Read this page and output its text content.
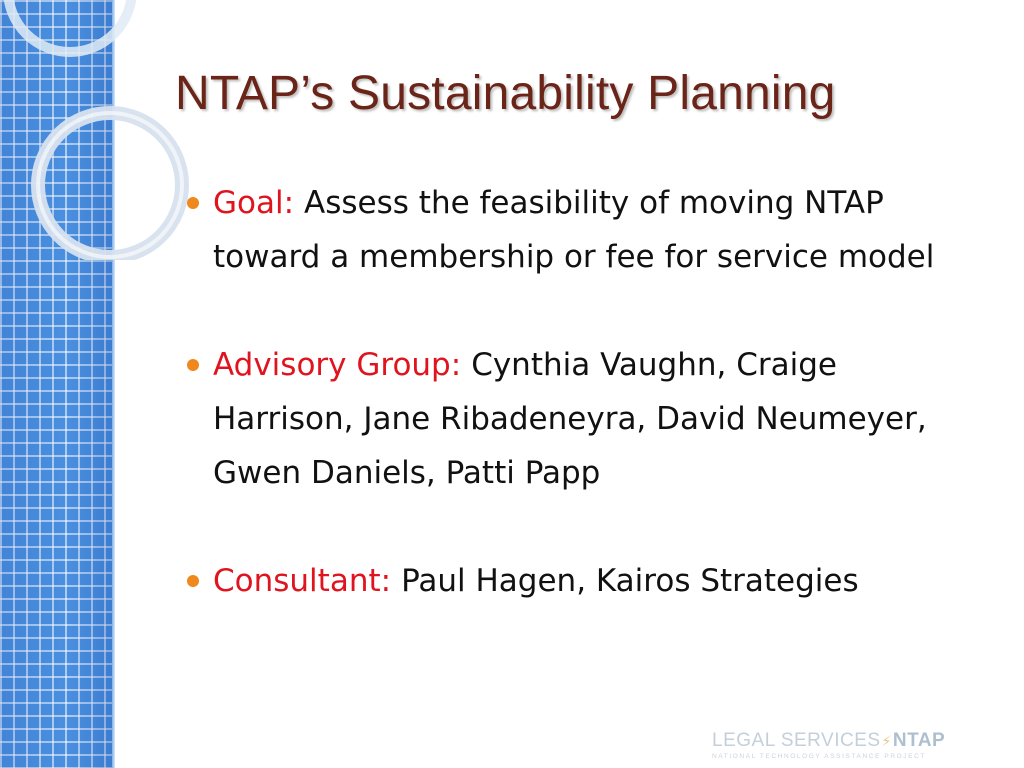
NTAP’s Sustainability Planning
Goal: Assess the feasibility of moving NTAP toward a membership or fee for service model
Advisory Group: Cynthia Vaughn, Craige Harrison, Jane Ribadeneyra, David Neumeyer, Gwen Daniels, Patti Papp
Consultant: Paul Hagen, Kairos Strategies
LEGAL SERVICES⚡NTAP
NATIONAL TECHNOLOGY ASSISTANCE PROJECT
